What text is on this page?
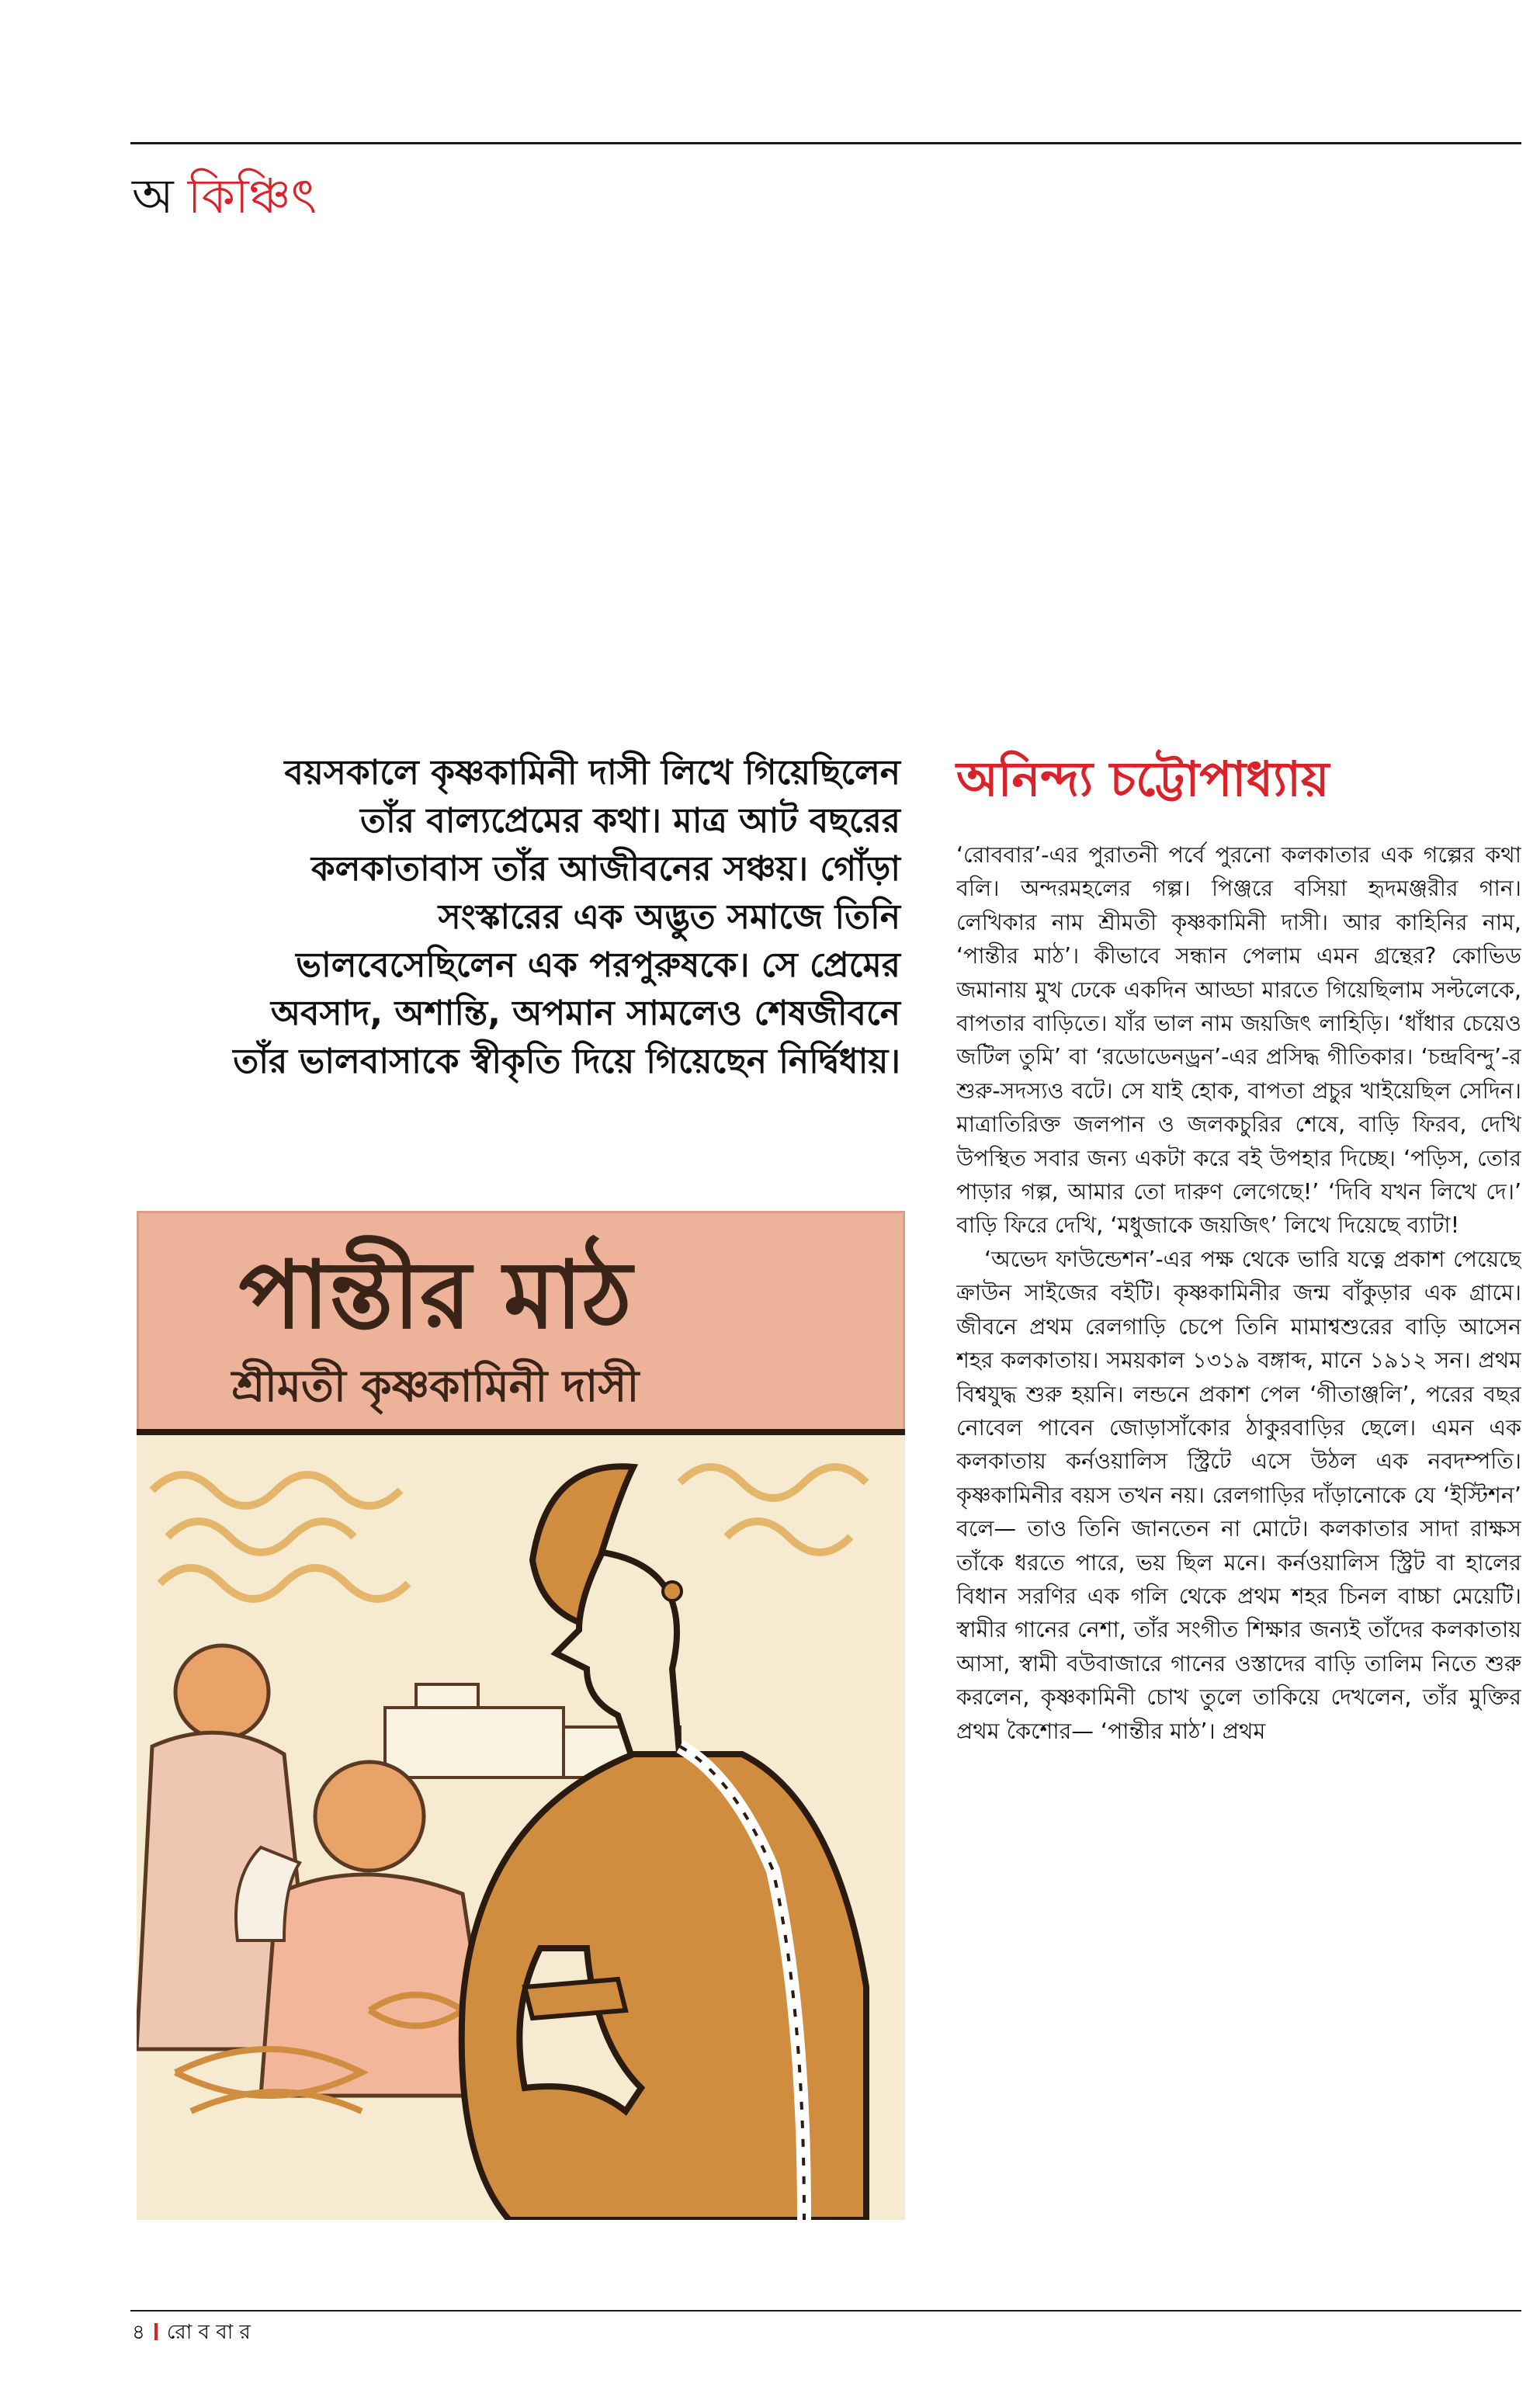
অ কিঞ্চিৎ
বয়সকালে কৃষ্ণকামিনী দাসী লিখে গিয়েছিলেন
তাঁর বাল্যপ্রেমের কথা। মাত্র আট বছরের
কলকাতাবাস তাঁর আজীবনের সঞ্চয়। গোঁড়া
সংস্কারের এক অদ্ভুত সমাজে তিনি
ভালবেসেছিলেন এক পরপুরুষকে। সে প্রেমের
অবসাদ, অশান্তি, অপমান সামলেও শেষজীবনে
তাঁর ভালবাসাকে স্বীকৃতি দিয়ে গিয়েছেন নির্দ্বিধায়।
অনিন্দ্য চট্টোপাধ্যায়

‘রোববার’-এর পুরাতনী পর্বে পুরনো কলকাতার এক গল্পের কথা বলি। অন্দরমহলের গল্প। পিঞ্জরে বসিয়া হৃদমঞ্জরীর গান। লেখিকার নাম শ্রীমতী কৃষ্ণকামিনী দাসী। আর কাহিনির নাম, ‘পান্তীর মাঠ’। কীভাবে সন্ধান পেলাম এমন গ্রন্থের? কোভিড জমানায় মুখ ঢেকে একদিন আড্ডা মারতে গিয়েছিলাম সল্টলেকে, বাপতার বাড়িতে। যাঁর ভাল নাম জয়জিৎ লাহিড়ি। ‘ধাঁধার চেয়েও জটিল তুমি’ বা ‘রডোডেনড্রন’-এর প্রসিদ্ধ গীতিকার। ‘চন্দ্রবিন্দু’-র শুরু-সদস্যও বটে। সে যাই হোক, বাপতা প্রচুর খাইয়েছিল সেদিন। মাত্রাতিরিক্ত জলপান ও জলকচুরির শেষে, বাড়ি ফিরব, দেখি উপস্থিত সবার জন্য একটা করে বই উপহার দিচ্ছে। ‘পড়িস, তোর পাড়ার গল্প, আমার তো দারুণ লেগেছে!’ ‘দিবি যখন লিখে দে।’ বাড়ি ফিরে দেখি, ‘মধুজাকে জয়জিৎ’ লিখে দিয়েছে ব্যাটা!

‘অভেদ ফাউন্ডেশন’-এর পক্ষ থেকে ভারি যত্নে প্রকাশ পেয়েছে ক্রাউন সাইজের বইটি। কৃষ্ণকামিনীর জন্ম বাঁকুড়ার এক গ্রামে। জীবনে প্রথম রেলগাড়ি চেপে তিনি মামাশ্বশুরের বাড়ি আসেন শহর কলকাতায়। সময়কাল ১৩১৯ বঙ্গাব্দ, মানে ১৯১২ সন। প্রথম বিশ্বযুদ্ধ শুরু হয়নি। লন্ডনে প্রকাশ পেল ‘গীতাঞ্জলি’, পরের বছর নোবেল পাবেন জোড়াসাঁকোর ঠাকুরবাড়ির ছেলে। এমন এক কলকাতায় কর্নওয়ালিস স্ট্রিটে এসে উঠল এক নবদম্পতি। কৃষ্ণকামিনীর বয়স তখন নয়। রেলগাড়ির দাঁড়ানোকে যে ‘ইস্টিশন’ বলে— তাও তিনি জানতেন না মোটে। কলকাতার সাদা রাক্ষস তাঁকে ধরতে পারে, ভয় ছিল মনে। কর্নওয়ালিস স্ট্রিট বা হালের বিধান সরণির এক গলি থেকে প্রথম শহর চিনল বাচ্চা মেয়েটি। স্বামীর গানের নেশা, তাঁর সংগীত শিক্ষার জন্যই তাঁদের কলকাতায় আসা, স্বামী বউবাজারে গানের ওস্তাদের বাড়ি তালিম নিতে শুরু করলেন, কৃষ্ণকামিনী চোখ তুলে তাকিয়ে দেখলেন, তাঁর মুক্তির প্রথম কৈশোর— ‘পান্তীর মাঠ’। প্রথম

পান্তীর মাঠ
শ্রীমতী কৃষ্ণকামিনী দাসী
৪ রো ব বা র
